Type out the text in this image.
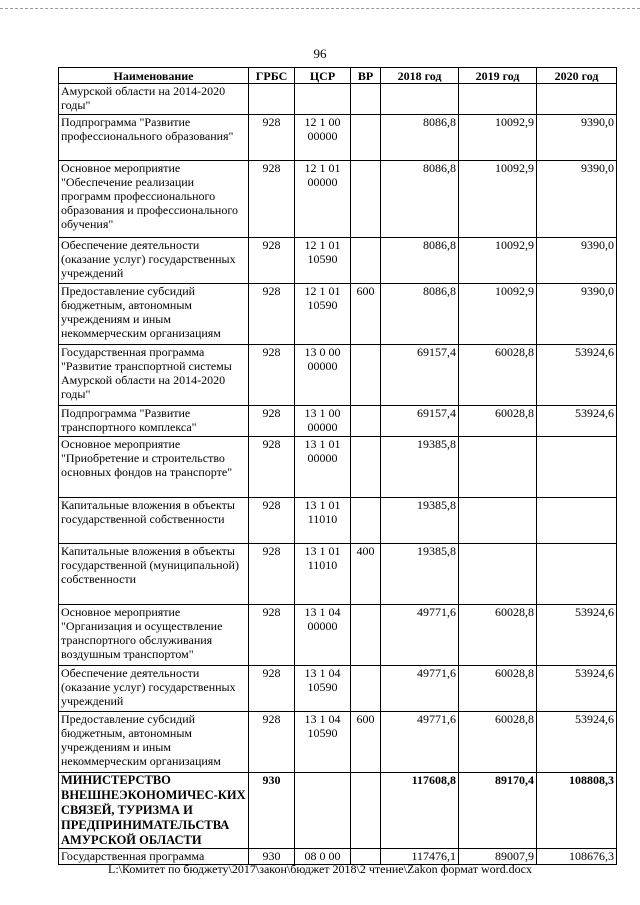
96
Наименование	ГРБС	ЦСР	ВР	2018 год	2019 год	2020 год
Амурской области на 2014-2020 годы"						
Подпрограмма "Развитие профессионального образования"	928	12 1 00 00000		8086,8	10092,9	9390,0
Основное мероприятие "Обеспечение реализации программ профессионального образования и профессионального обучения"	928	12 1 01 00000		8086,8	10092,9	9390,0
Обеспечение деятельности (оказание услуг) государственных учреждений	928	12 1 01 10590		8086,8	10092,9	9390,0
Предоставление субсидий бюджетным, автономным учреждениям и иным некоммерческим организациям	928	12 1 01 10590	600	8086,8	10092,9	9390,0
Государственная программа "Развитие транспортной системы Амурской области на 2014-2020 годы"	928	13 0 00 00000		69157,4	60028,8	53924,6
Подпрограмма "Развитие транспортного комплекса"	928	13 1 00 00000		69157,4	60028,8	53924,6
Основное мероприятие "Приобретение и строительство основных фондов на транспорте"	928	13 1 01 00000		19385,8		
Капитальные вложения в объекты государственной собственности	928	13 1 01 11010		19385,8		
Капитальные вложения в объекты государственной (муниципальной) собственности	928	13 1 01 11010	400	19385,8		
Основное мероприятие "Организация и осуществление транспортного обслуживания воздушным транспортом"	928	13 1 04 00000		49771,6	60028,8	53924,6
Обеспечение деятельности (оказание услуг) государственных учреждений	928	13 1 04 10590		49771,6	60028,8	53924,6
Предоставление субсидий бюджетным, автономным учреждениям и иным некоммерческим организациям	928	13 1 04 10590	600	49771,6	60028,8	53924,6
МИНИСТЕРСТВО ВНЕШНЕЭКОНОМИЧЕС-КИХ СВЯЗЕЙ, ТУРИЗМА И ПРЕДПРИНИМАТЕЛЬСТВА АМУРСКОЙ ОБЛАСТИ	930			117608,8	89170,4	108808,3
Государственная программа	930	08 0 00		117476,1	89007,9	108676,3
L:\Комитет по бюджету\2017\закон\бюджет 2018\2 чтение\Zakon формат word.docx
